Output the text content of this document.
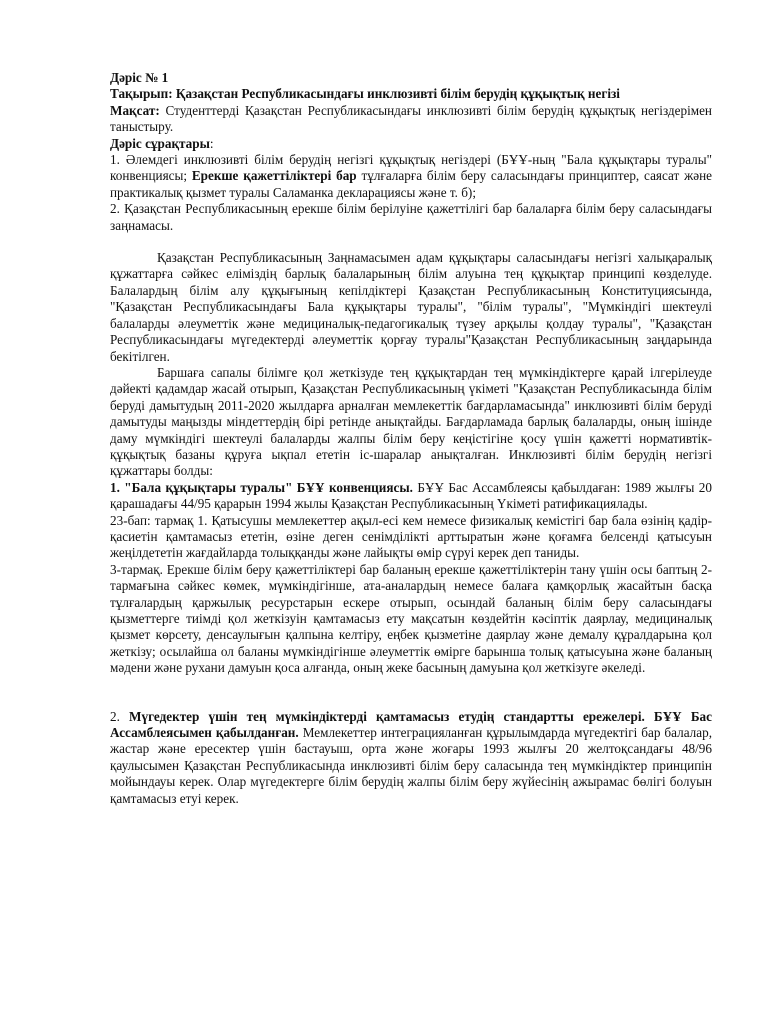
Дәріс № 1

Тақырып: Қазақстан Республикасындағы инклюзивті білім берудің құқықтық негізі

Мақсат: Студенттерді Қазақстан Республикасындағы инклюзивті білім берудің құқықтық негіздерімен таныстыру.

Дәріс сұрақтары:

1. Әлемдегі инклюзивті білім берудің негізгі құқықтық негіздері (БҰҰ-ның "Бала құқықтары туралы" конвенциясы; Ерекше қажеттіліктері бар тұлғаларға білім беру саласындағы принциптер, саясат және практикалық қызмет туралы Саламанка декларациясы және т. б);

2. Қазақстан Республикасының ерекше білім берілуіне қажеттілігі бар балаларға білім беру саласындағы заңнамасы.

Қазақстан Республикасының Заңнамасымен адам құқықтары саласындағы негізгі халықаралық құжаттарға сәйкес еліміздің барлық балаларының білім алуына тең құқықтар принципі көзделуде. Балалардың білім алу құқығының кепілдіктері Қазақстан Республикасының Конституциясында, "Қазақстан Республикасындағы Бала құқықтары туралы", "білім туралы", "Мүмкіндігі шектеулі балаларды әлеуметтік және медициналық-педагогикалық түзеу арқылы қолдау туралы", "Қазақстан Республикасындағы мүгедектерді әлеуметтік қорғау туралы"Қазақстан Республикасының заңдарында бекітілген.

Баршаға сапалы білімге қол жеткізуде тең құқықтардан тең мүмкіндіктерге қарай ілгерілеуде дәйекті қадамдар жасай отырып, Қазақстан Республикасының үкіметі "Қазақстан Республикасында білім беруді дамытудың 2011-2020 жылдарға арналған мемлекеттік бағдарламасында" инклюзивті білім беруді дамытуды маңызды міндеттердің бірі ретінде анықтайды. Бағдарламада барлық балаларды, оның ішінде даму мүмкіндігі шектеулі балаларды жалпы білім беру кеңістігіне қосу үшін қажетті нормативтік-құқықтық базаны құруға ықпал ететін іс-шаралар анықталған. Инклюзивті білім берудің негізгі құжаттары болды:

1. "Бала құқықтары туралы" БҰҰ конвенциясы. БҰҰ Бас Ассамблеясы қабылдаған: 1989 жылғы 20 қарашадағы 44/95 қарарын 1994 жылы Қазақстан Республикасының Үкіметі ратификациялады.

23-бап: тармақ 1. Қатысушы мемлекеттер ақыл-есі кем немесе физикалық кемістігі бар бала өзінің қадір-қасиетін қамтамасыз ететін, өзіне деген сенімділікті арттыратын және қоғамға белсенді қатысуын жеңілдететін жағдайларда толыққанды және лайықты өмір сүруі керек деп таниды.

3-тармақ. Ерекше білім беру қажеттіліктері бар баланың ерекше қажеттіліктерін тану үшін осы баптың 2-тармағына сәйкес көмек, мүмкіндігінше, ата-аналардың немесе балаға қамқорлық жасайтын басқа тұлғалардың қаржылық ресурстарын ескере отырып, осындай баланың білім беру саласындағы қызметтерге тиімді қол жеткізуін қамтамасыз ету мақсатын көздейтін кәсіптік даярлау, медициналық қызмет көрсету, денсаулығын қалпына келтіру, еңбек қызметіне даярлау және демалу құралдарына қол жеткізу; осылайша ол баланы мүмкіндігінше әлеуметтік өмірге барынша толық қатысуына және баланың мәдени және рухани дамуын қоса алғанда, оның жеке басының дамуына қол жеткізуге әкеледі.

2. Мүгедектер үшін тең мүмкіндіктерді қамтамасыз етудің стандартты ережелері. БҰҰ Бас Ассамблеясымен қабылданған. Мемлекеттер интеграцияланған құрылымдарда мүгедектігі бар балалар, жастар және ересектер үшін бастауыш, орта және жоғары 1993 жылғы 20 желтоқсандағы 48/96 қаулысымен Қазақстан Республикасында инклюзивті білім беру саласында тең мүмкіндіктер принципін мойындауы керек. Олар мүгедектерге білім берудің жалпы білім беру жүйесінің ажырамас бөлігі болуын қамтамасыз етуі керек.
